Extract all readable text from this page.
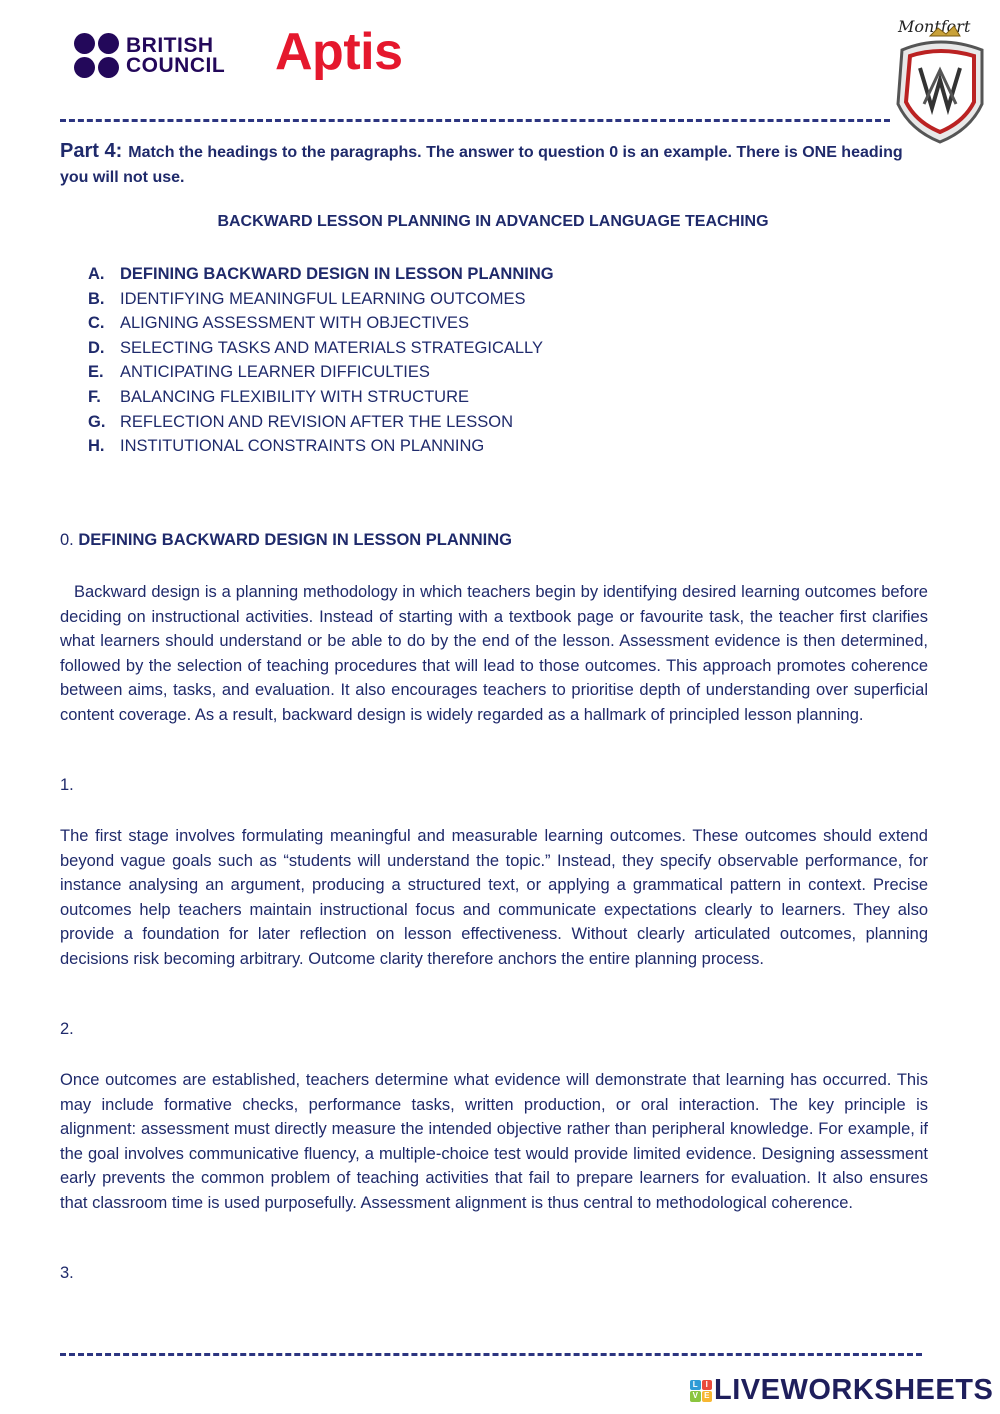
BRITISH
COUNCIL Aptis	Montfort
Part 4: Match the headings to the paragraphs. The answer to question 0 is an example. There is ONE heading you will not use.
BACKWARD LESSON PLANNING IN ADVANCED LANGUAGE TEACHING
A. DEFINING BACKWARD DESIGN IN LESSON PLANNING
B. IDENTIFYING MEANINGFUL LEARNING OUTCOMES
C. ALIGNING ASSESSMENT WITH OBJECTIVES
D. SELECTING TASKS AND MATERIALS STRATEGICALLY
E. ANTICIPATING LEARNER DIFFICULTIES
F.	BALANCING FLEXIBILITY WITH STRUCTURE
G. REFLECTION AND REVISION AFTER THE LESSON
H. INSTITUTIONAL CONSTRAINTS ON PLANNING
0. DEFINING BACKWARD DESIGN IN LESSON PLANNING

Backward design is a planning methodology in which teachers begin by identifying desired learning outcomes before deciding on instructional activities. Instead of starting with a textbook page or favourite task, the teacher first clarifies what learners should understand or be able to do by the end of the lesson. Assessment evidence is then determined, followed by the selection of teaching procedures that will lead to those outcomes. This approach promotes coherence between aims, tasks, and evaluation. It also encourages teachers to prioritise depth of understanding over superficial content coverage. As a result, backward design is widely regarded as a hallmark of principled lesson planning.

1.

The first stage involves formulating meaningful and measurable learning outcomes. These outcomes should extend beyond vague goals such as “students will understand the topic.” Instead, they specify observable performance, for instance analysing an argument, producing a structured text, or applying a grammatical pattern in context. Precise outcomes help teachers maintain instructional focus and communicate expectations clearly to learners. They also provide a foundation for later reflection on lesson effectiveness. Without clearly articulated outcomes, planning decisions risk becoming arbitrary. Outcome clarity therefore anchors the entire planning process.

2.

Once outcomes are established, teachers determine what evidence will demonstrate that learning has occurred. This may include formative checks, performance tasks, written production, or oral interaction. The key principle is alignment: assessment must directly measure the intended objective rather than peripheral knowledge. For example, if the goal involves communicative fluency, a multiple-choice test would provide limited evidence. Designing assessment early prevents the common problem of teaching activities that fail to prepare learners for evaluation. It also ensures that classroom time is used purposefully. Assessment alignment is thus central to methodological coherence.

3.
L I
V E LIVEWORKSHEETS
